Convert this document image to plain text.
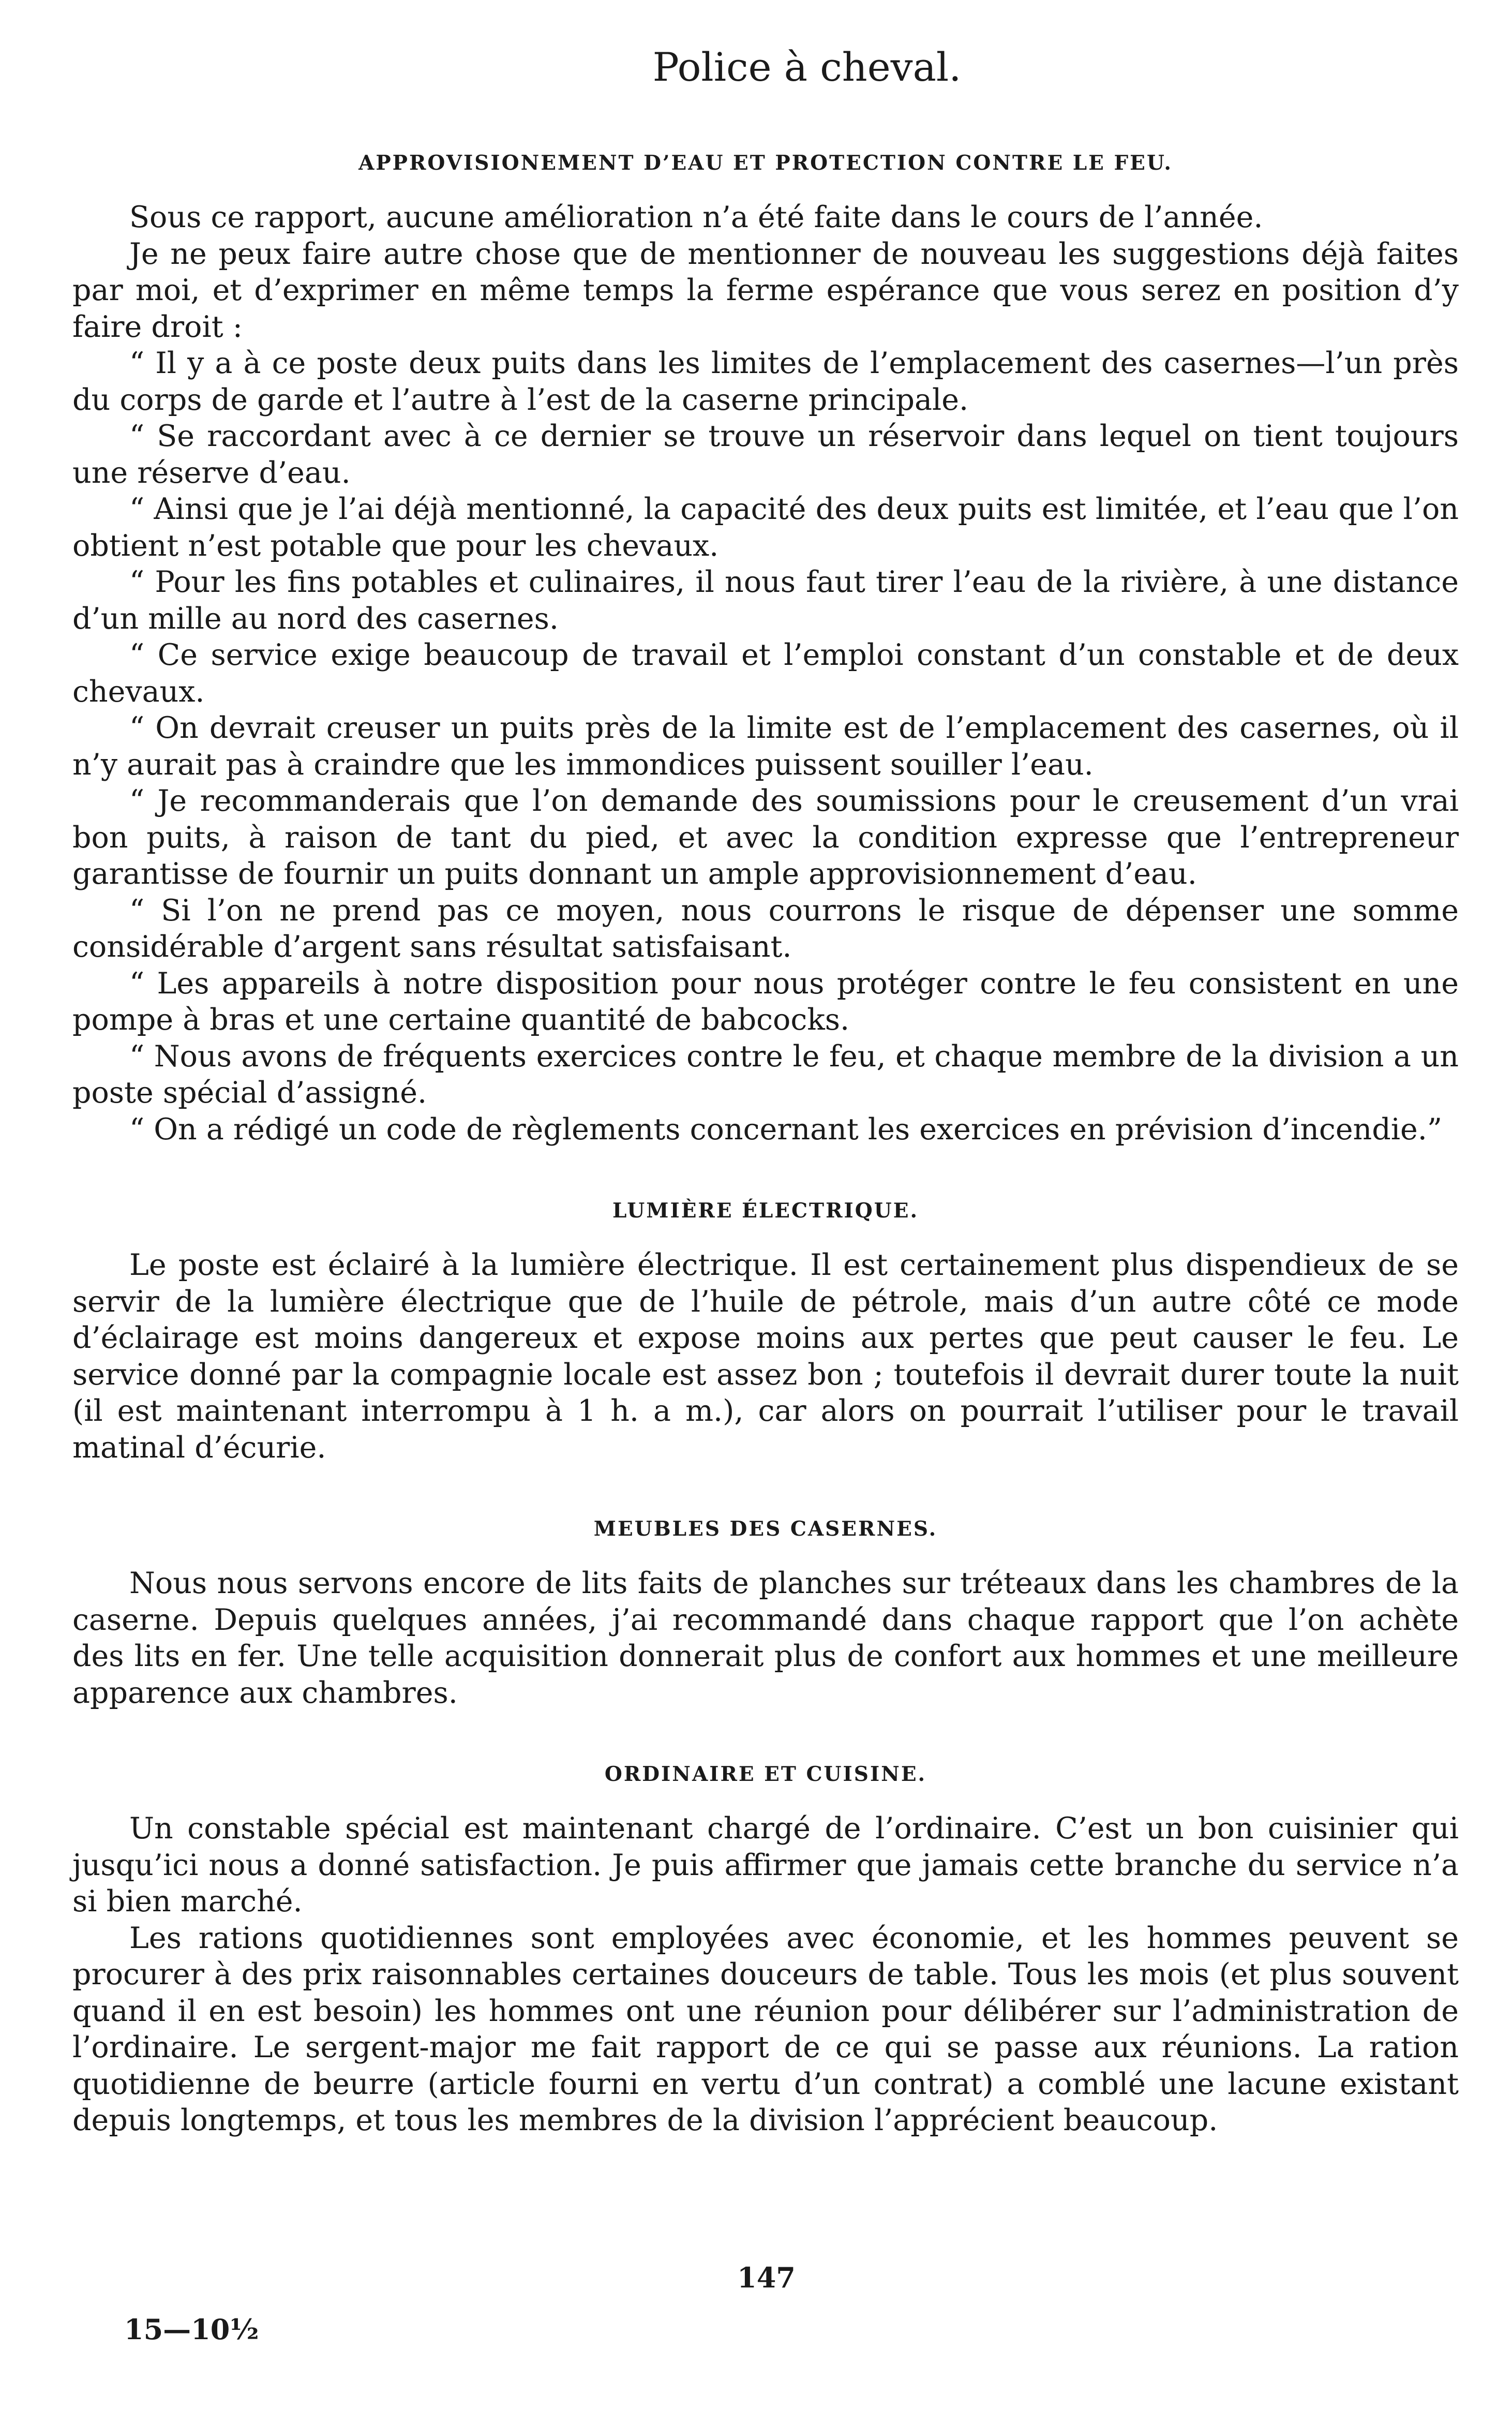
Police à cheval.
APPROVISIONEMENT D’EAU ET PROTECTION CONTRE LE FEU.

Sous ce rapport, aucune amélioration n’a été faite dans le cours de l’année.

Je ne peux faire autre chose que de mentionner de nouveau les suggestions déjà faites par moi, et d’exprimer en même temps la ferme espérance que vous serez en position d’y faire droit :

“ Il y a à ce poste deux puits dans les limites de l’emplacement des casernes—l’un près du corps de garde et l’autre à l’est de la caserne principale.

“ Se raccordant avec à ce dernier se trouve un réservoir dans lequel on tient toujours une réserve d’eau.

“ Ainsi que je l’ai déjà mentionné, la capacité des deux puits est limitée, et l’eau que l’on obtient n’est potable que pour les chevaux.

“ Pour les fins potables et culinaires, il nous faut tirer l’eau de la rivière, à une distance d’un mille au nord des casernes.

“ Ce service exige beaucoup de travail et l’emploi constant d’un constable et de deux chevaux.

“ On devrait creuser un puits près de la limite est de l’emplacement des casernes, où il n’y aurait pas à craindre que les immondices puissent souiller l’eau.

“ Je recommanderais que l’on demande des soumissions pour le creusement d’un vrai bon puits, à raison de tant du pied, et avec la condition expresse que l’entrepreneur garantisse de fournir un puits donnant un ample approvisionnement d’eau.

“ Si l’on ne prend pas ce moyen, nous courrons le risque de dépenser une somme considérable d’argent sans résultat satisfaisant.

“ Les appareils à notre disposition pour nous protéger contre le feu consistent en une pompe à bras et une certaine quantité de babcocks.

“ Nous avons de fréquents exercices contre le feu, et chaque membre de la division a un poste spécial d’assigné.

“ On a rédigé un code de règlements concernant les exercices en prévision d’incendie.”

LUMIÈRE ÉLECTRIQUE.

Le poste est éclairé à la lumière électrique. Il est certainement plus dispendieux de se servir de la lumière électrique que de l’huile de pétrole, mais d’un autre côté ce mode d’éclairage est moins dangereux et expose moins aux pertes que peut causer le feu. Le service donné par la compagnie locale est assez bon ; toutefois il devrait durer toute la nuit (il est maintenant interrompu à 1 h. a m.), car alors on pourrait l’utiliser pour le travail matinal d’écurie.

MEUBLES DES CASERNES.

Nous nous servons encore de lits faits de planches sur tréteaux dans les chambres de la caserne. Depuis quelques années, j’ai recommandé dans chaque rapport que l’on achète des lits en fer. Une telle acquisition donnerait plus de confort aux hommes et une meilleure apparence aux chambres.

ORDINAIRE ET CUISINE.

Un constable spécial est maintenant chargé de l’ordinaire. C’est un bon cuisinier qui jusqu’ici nous a donné satisfaction. Je puis affirmer que jamais cette branche du service n’a si bien marché.

Les rations quotidiennes sont employées avec économie, et les hommes peuvent se procurer à des prix raisonnables certaines douceurs de table. Tous les mois (et plus souvent quand il en est besoin) les hommes ont une réunion pour délibérer sur l’administration de l’ordinaire. Le sergent-major me fait rapport de ce qui se passe aux réunions. La ration quotidienne de beurre (article fourni en vertu d’un contrat) a comblé une lacune existant depuis longtemps, et tous les membres de la division l’apprécient beaucoup.

147
15—10½
